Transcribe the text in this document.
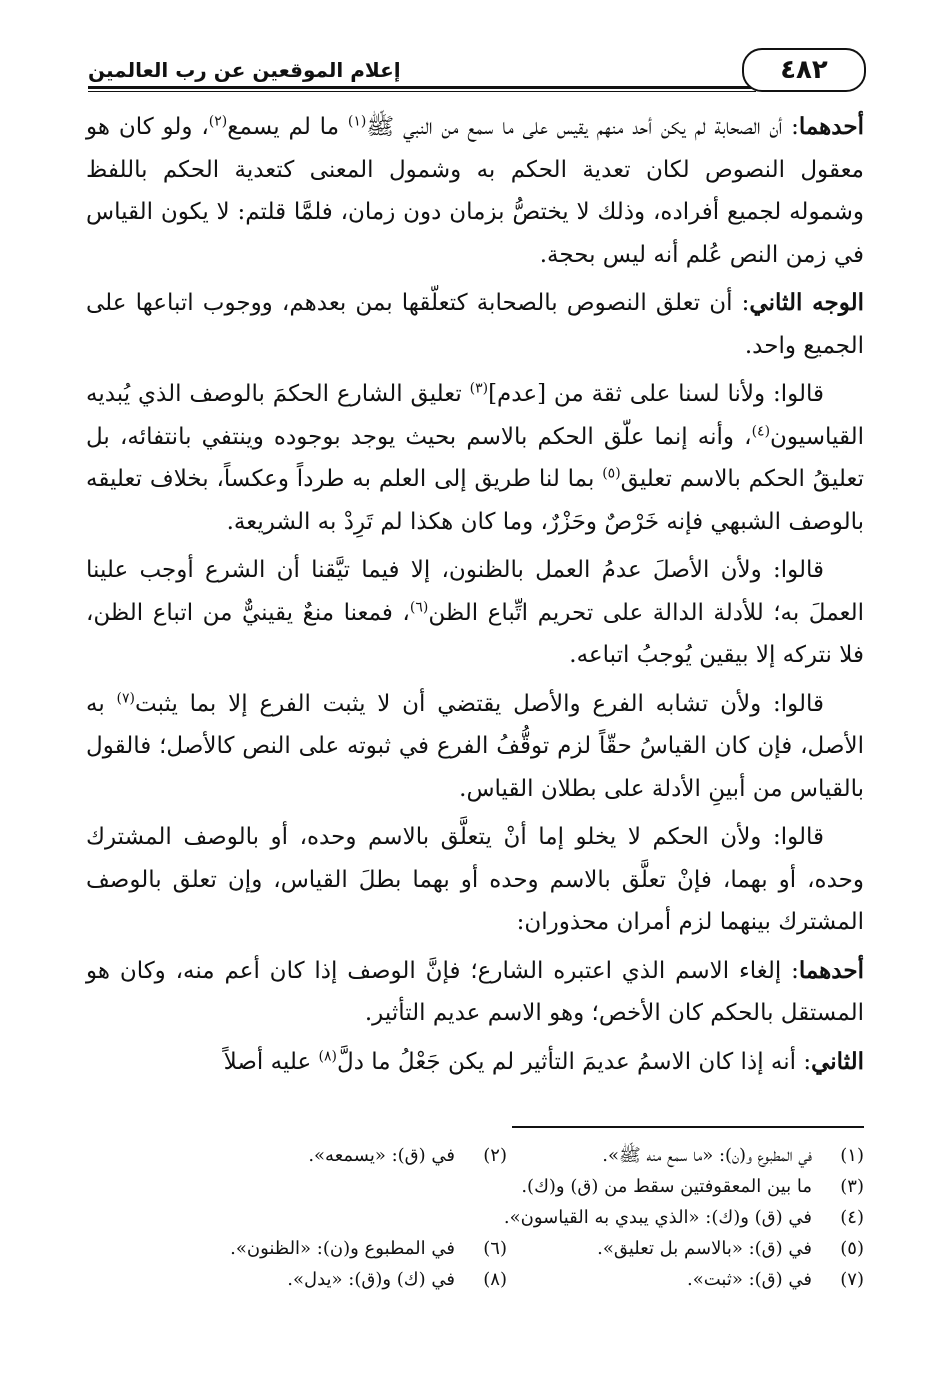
إعلام الموقعين عن رب العالمين	٤٨٢

أحدهما: أن الصحابة لم يكن أحد منهم يقيس على ما سمع من النبي ﷺ$^{(١)}$ ما لم يسمع$^{(٢)}$، ولو كان هو معقول النصوص لكان تعدية الحكم به وشمول المعنى كتعدية الحكم باللفظ وشموله لجميع أفراده، وذلك لا يختصُّ بزمان دون زمان، فلمَّا قلتم: لا يكون القياس في زمن النص عُلم أنه ليس بحجة.

الوجه الثاني: أن تعلق النصوص بالصحابة كتعلّقها بمن بعدهم، ووجوب اتباعها على الجميع واحد.

قالوا: ولأنا لسنا على ثقة من [عدم]$^{(٣)}$ تعليق الشارع الحكمَ بالوصف الذي يُبديه القياسيون$^{(٤)}$، وأنه إنما علّق الحكم بالاسم بحيث يوجد بوجوده وينتفي بانتفائه، بل تعليقُ الحكم بالاسم تعليق$^{(٥)}$ بما لنا طريق إلى العلم به طرداً وعكساً، بخلاف تعليقه بالوصف الشبهي فإنه خَرْصٌ وحَزْرٌ، وما كان هكذا لم تَرِدْ به الشريعة.

قالوا: ولأن الأصلَ عدمُ العمل بالظنون، إلا فيما تيَّقنا أن الشرع أوجب علينا العملَ به؛ للأدلة الدالة على تحريم اتِّباع الظن$^{(٦)}$، فمعنا منعٌ يقينيٌّ من اتباع الظن، فلا نتركه إلا بيقين يُوجبُ اتباعه.

قالوا: ولأن تشابه الفرع والأصل يقتضي أن لا يثبت الفرع إلا بما يثبت$^{(٧)}$ به الأصل، فإن كان القياسُ حقّاً لزم توقُّفُ الفرع في ثبوته على النص كالأصل؛ فالقول بالقياس من أبينِ الأدلة على بطلان القياس.

قالوا: ولأن الحكم لا يخلو إما أنْ يتعلَّق بالاسم وحده، أو بالوصف المشترك وحده، أو بهما، فإنْ تعلَّق بالاسم وحده أو بهما بطلَ القياس، وإن تعلق بالوصف المشترك بينهما لزم أمران محذوران:

أحدهما: إلغاء الاسم الذي اعتبره الشارع؛ فإنَّ الوصف إذا كان أعم منه، وكان هو المستقل بالحكم كان الأخص؛ وهو الاسم عديم التأثير.

الثاني: أنه إذا كان الاسمُ عديمَ التأثير لم يكن جَعْلُ ما دلَّ$^{(٨)}$ عليه أصلاً

(١)
في المطبوع و(ن): «ما سمع منه ﷺ».
(٢)
في (ق): «يسمعه».
(٣)
ما بين المعقوفتين سقط من (ق) و(ك).
(٤)
في (ق) و(ك): «الذي يبدي به القياسون».
(٥)
في (ق): «بالاسم بل تعليق».
(٦)
في المطبوع و(ن): «الظنون».
(٧)
في (ق): «ثبت».
(٨)
في (ك) و(ق): «يدل».
